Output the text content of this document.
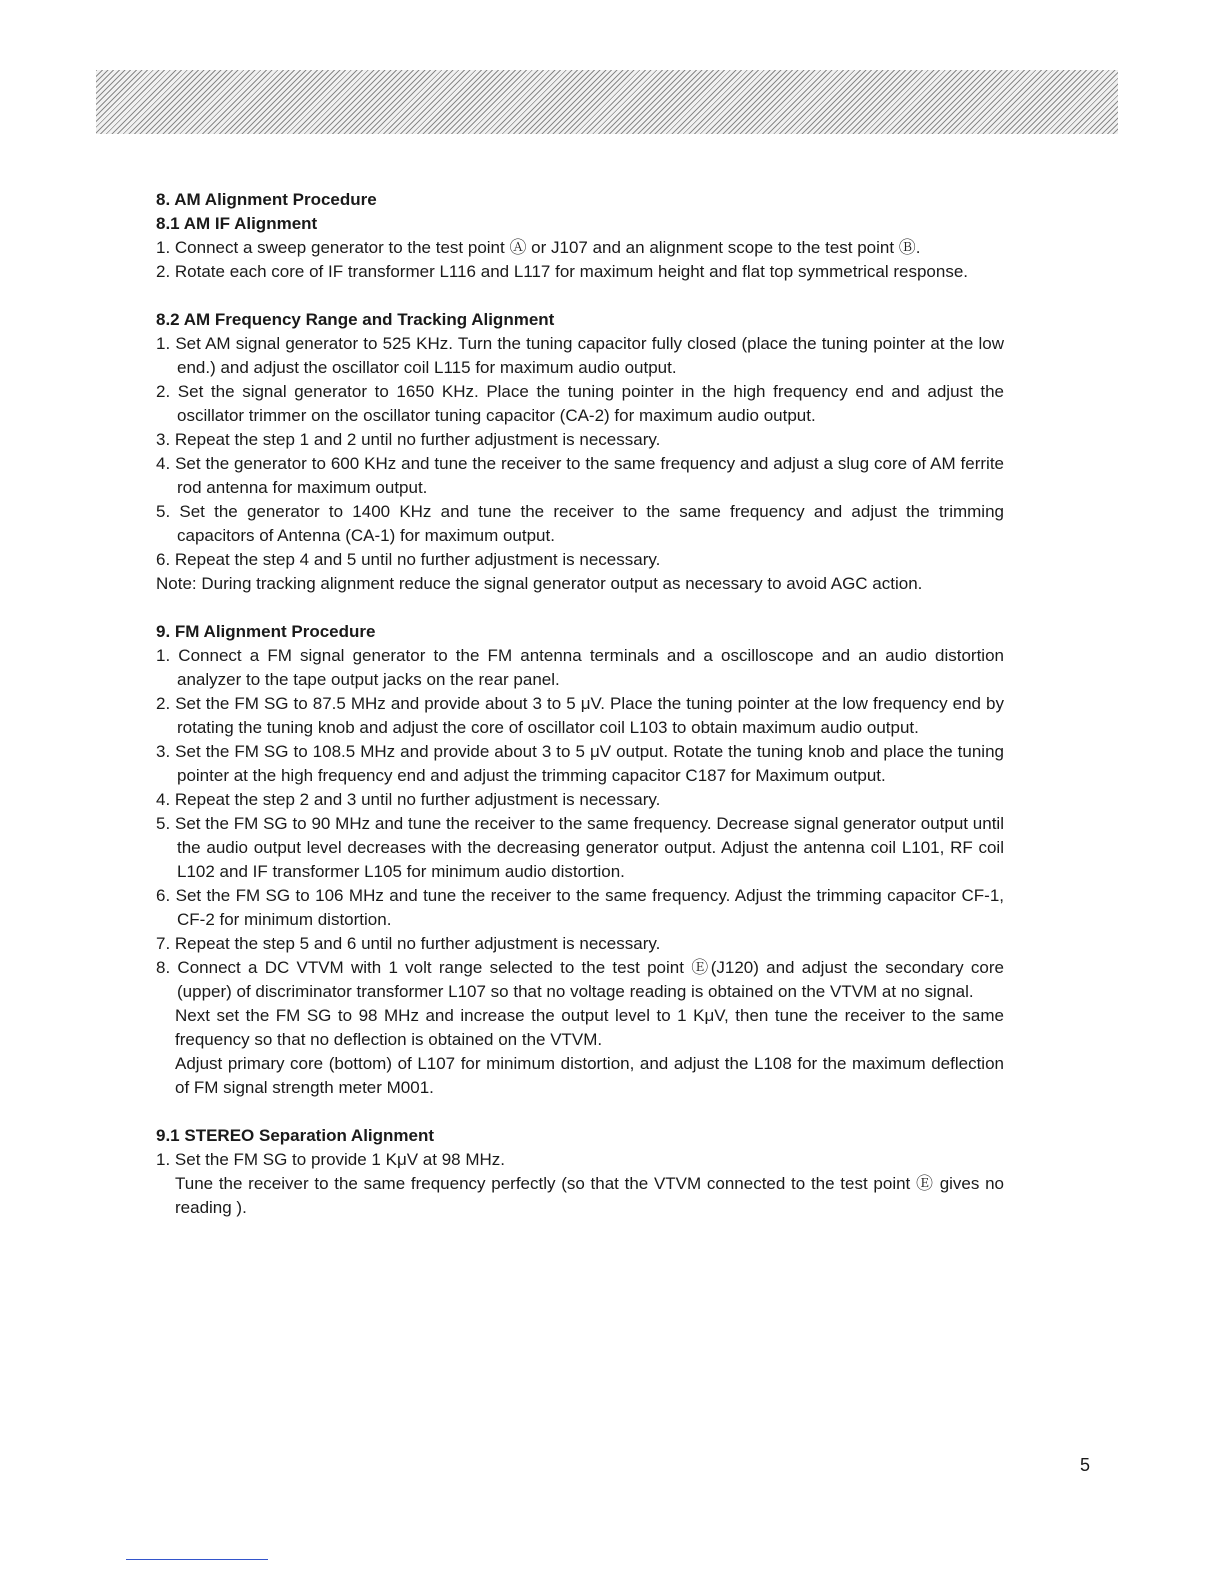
8. AM Alignment Procedure
8.1 AM IF Alignment
1. Connect a sweep generator to the test point Ⓐ or J107 and an alignment scope to the test point Ⓑ.
2. Rotate each core of IF transformer L116 and L117 for maximum height and flat top symmetrical response.
8.2 AM Frequency Range and Tracking Alignment
1. Set AM signal generator to 525 KHz. Turn the tuning capacitor fully closed (place the tuning pointer at the low end.) and adjust the oscillator coil L115 for maximum audio output.
2. Set the signal generator to 1650 KHz. Place the tuning pointer in the high frequency end and adjust the oscillator trimmer on the oscillator tuning capacitor (CA-2) for maximum audio output.
3. Repeat the step 1 and 2 until no further adjustment is necessary.
4. Set the generator to 600 KHz and tune the receiver to the same frequency and adjust a slug core of AM ferrite rod antenna for maximum output.
5. Set the generator to 1400 KHz and tune the receiver to the same frequency and adjust the trimming capacitors of Antenna (CA-1) for maximum output.
6. Repeat the step 4 and 5 until no further adjustment is necessary.
Note: During tracking alignment reduce the signal generator output as necessary to avoid AGC action.
9. FM Alignment Procedure
1. Connect a FM signal generator to the FM antenna terminals and a oscilloscope and an audio distortion analyzer to the tape output jacks on the rear panel.
2. Set the FM SG to 87.5 MHz and provide about 3 to 5 μV. Place the tuning pointer at the low frequency end by rotating the tuning knob and adjust the core of oscillator coil L103 to obtain maximum audio output.
3. Set the FM SG to 108.5 MHz and provide about 3 to 5 μV output. Rotate the tuning knob and place the tuning pointer at the high frequency end and adjust the trimming capacitor C187 for Maximum output.
4. Repeat the step 2 and 3 until no further adjustment is necessary.
5. Set the FM SG to 90 MHz and tune the receiver to the same frequency. Decrease signal generator output until the audio output level decreases with the decreasing generator output. Adjust the antenna coil L101, RF coil L102 and IF transformer L105 for minimum audio distortion.
6. Set the FM SG to 106 MHz and tune the receiver to the same frequency. Adjust the trimming capacitor CF-1, CF-2 for minimum distortion.
7. Repeat the step 5 and 6 until no further adjustment is necessary.
8. Connect a DC VTVM with 1 volt range selected to the test point Ⓔ(J120) and adjust the secondary core (upper) of discriminator transformer L107 so that no voltage reading is obtained on the VTVM at no signal.
Next set the FM SG to 98 MHz and increase the output level to 1 KμV, then tune the receiver to the same frequency so that no deflection is obtained on the VTVM.
Adjust primary core (bottom) of L107 for minimum distortion, and adjust the L108 for the maximum deflection of FM signal strength meter M001.
9.1 STEREO Separation Alignment
1. Set the FM SG to provide 1 KμV at 98 MHz.
Tune the receiver to the same frequency perfectly (so that the VTVM connected to the test point Ⓔ gives no reading ).
5
